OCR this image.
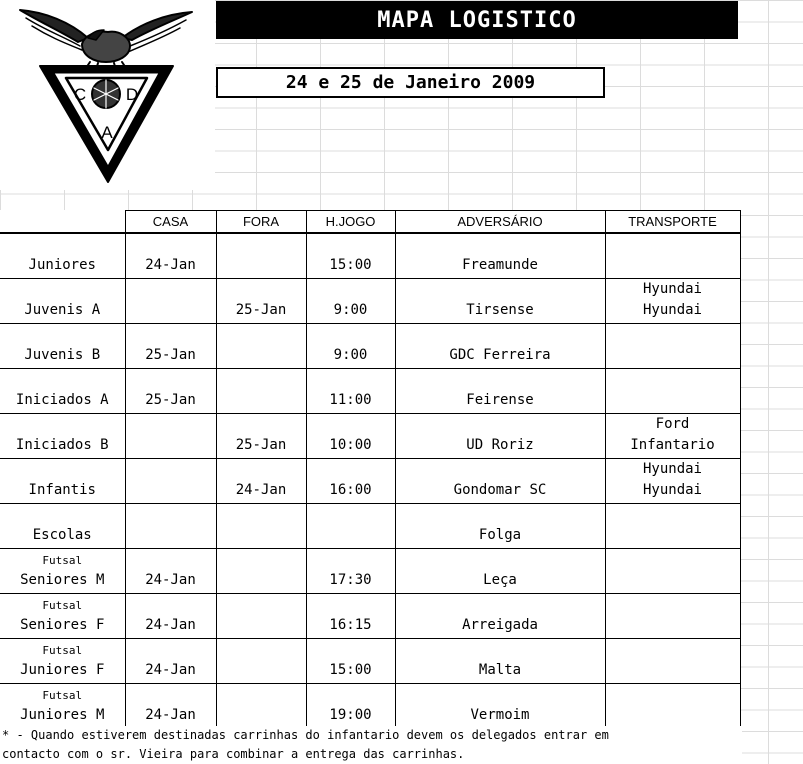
C D
A
MAPA LOGISTICO
24 e 25 de Janeiro 2009
	CASA	FORA	H.JOGO	ADVERSÁRIO	TRANSPORTE

Juniores	24-Jan		15:00	Freamunde	

Juvenis A		25-Jan	9:00	Tirsense	Hyundai
Hyundai

Juvenis B	25-Jan		9:00	GDC Ferreira	

Iniciados A	25-Jan		11:00	Feirense	

Iniciados B		25-Jan	10:00	UD Roriz	Ford
Infantario

Infantis		24-Jan	16:00	Gondomar SC	Hyundai
Hyundai

Escolas				Folga	

Futsal
Seniores M	24-Jan		17:30	Leça	

Futsal
Seniores F	24-Jan		16:15	Arreigada	

Futsal
Juniores F	24-Jan		15:00	Malta	

Futsal
Juniores M	24-Jan		19:00	Vermoim	
* - Quando estiverem destinadas carrinhas do infantario devem os delegados entrar em
contacto com o sr. Vieira para combinar a entrega das carrinhas.
